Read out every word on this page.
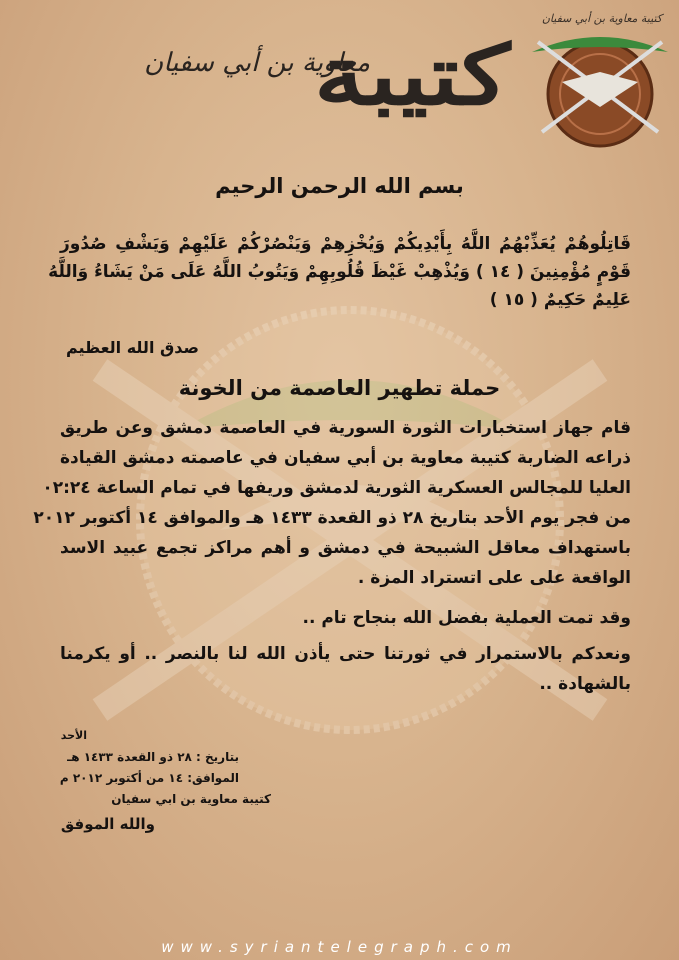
كتيبة
معاوية بن أبي سفيان
كتيبة معاوية بن أبي سفيان
بسم الله الرحمن الرحيم
قَاتِلُوهُمْ يُعَذِّبْهُمُ اللَّهُ بِأَيْدِيكُمْ وَيُخْزِهِمْ وَيَنْصُرْكُمْ عَلَيْهِمْ وَيَشْفِ صُدُورَ
قَوْمٍ مُؤْمِنِينَ ( ١٤ ) وَيُذْهِبْ غَيْظَ قُلُوبِهِمْ وَيَتُوبُ اللَّهُ عَلَى مَنْ يَشَاءُ وَاللَّهُ
عَلِيمٌ حَكِيمٌ ( ١٥ )
صدق الله العظيم
حملة تطهير العاصمة من الخونة
قام جهاز استخبارات الثورة السورية في العاصمة دمشق وعن طريق
ذراعه الضاربة كتيبة معاوية بن أبي سفيان في عاصمته دمشق القيادة
العليا للمجالس العسكرية الثورية لدمشق وريفها في تمام الساعة ٠٢:٢٤
من فجر يوم الأحد بتاريخ ٢٨ ذو القعدة ١٤٣٣ هـ والموافق ١٤ أكتوبر ٢٠١٢
باستهداف معاقل الشبيحة في دمشق و أهم مراكز تجمع عبيد الاسد
الواقعة على على اتستراد المزة .
وقد تمت العملية بفضل الله بنجاح تام ..
ونعدكم بالاستمرار في ثورتنا حتى يأذن الله لنا بالنصر .. أو يكرمنا
بالشهادة ..
الأحد
بتاريخ : ٢٨ ذو القعدة ١٤٣٣ هـ
الموافق: ١٤ من أكتوبر ٢٠١٢ م
كتيبة معاوية بن ابي سفيان
والله الموفق
www.syriantelegraph.com
